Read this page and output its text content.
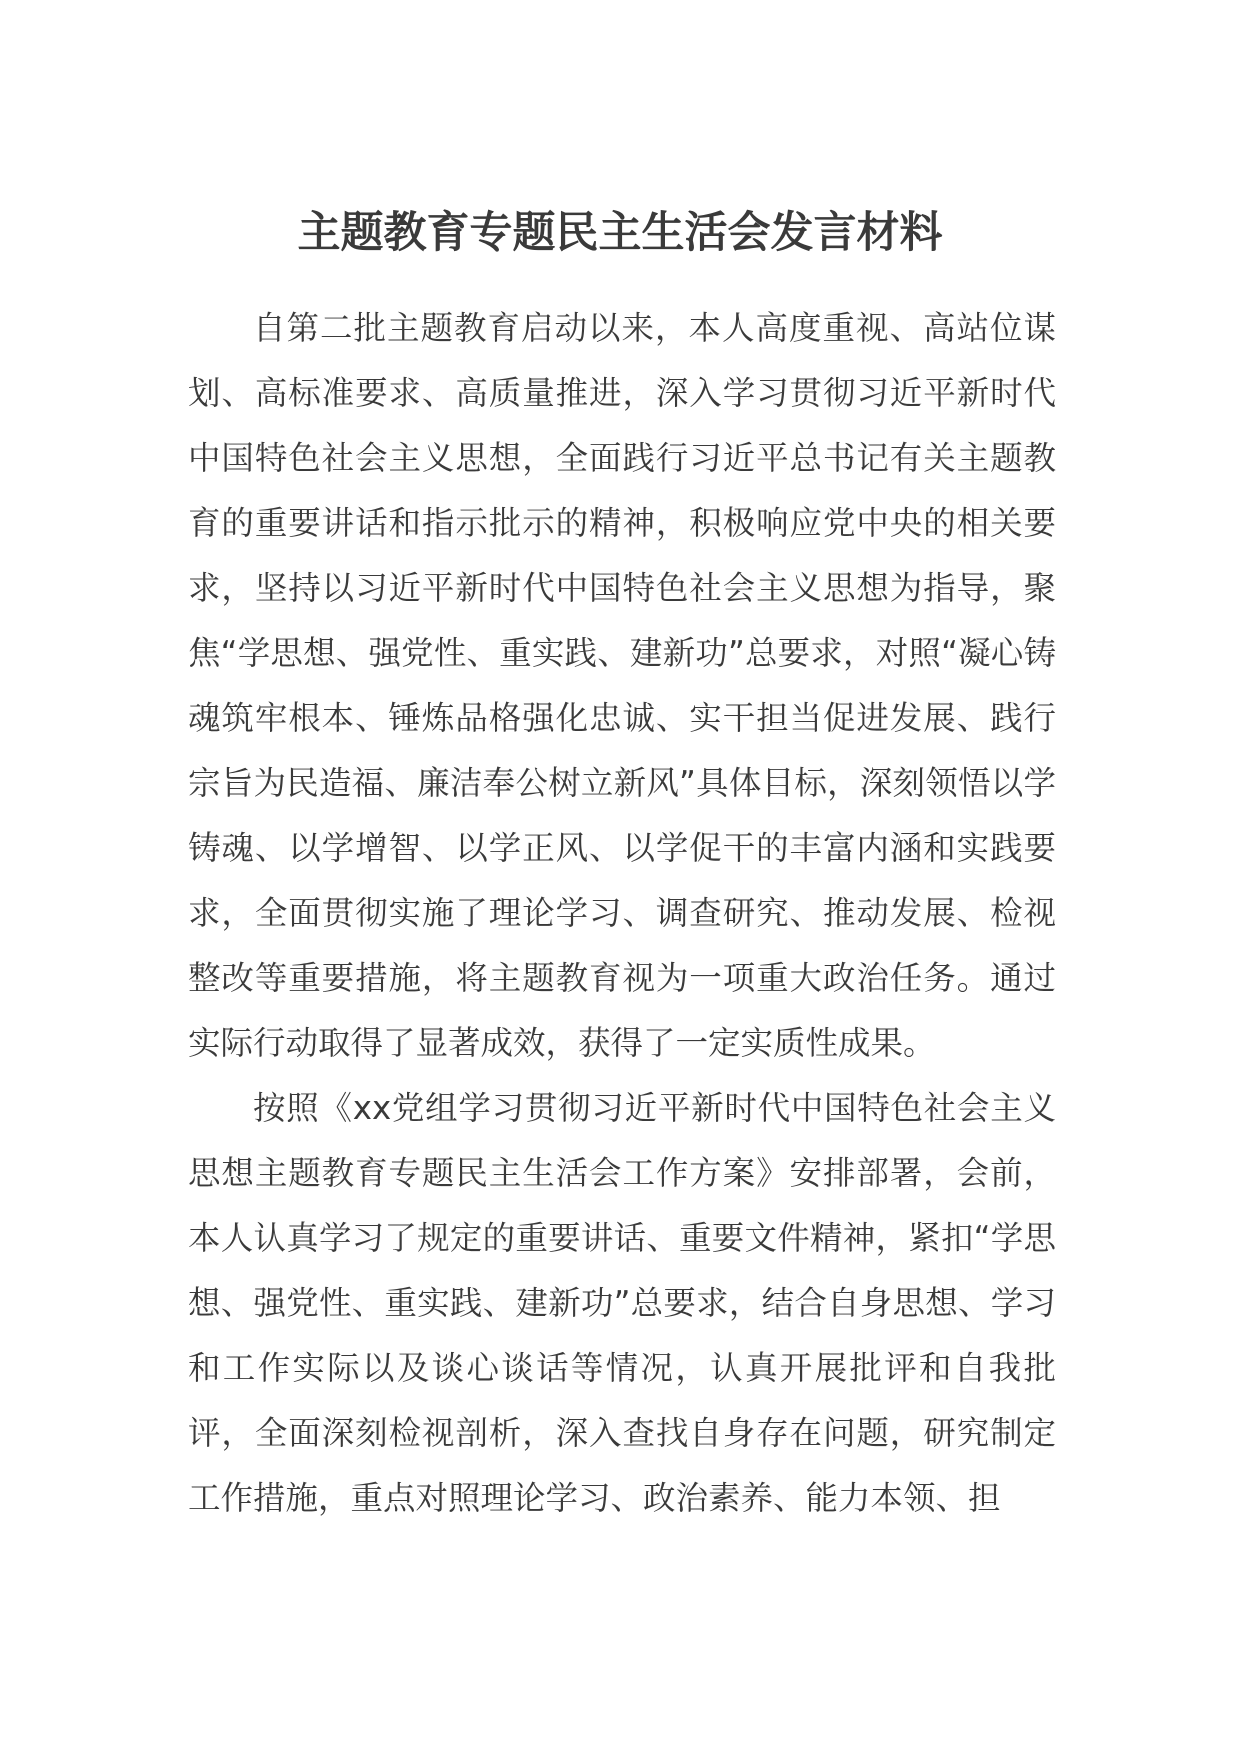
主题教育专题民主生活会发言材料

自第二批主题教育启动以来，本人高度重视、高站位谋划、高标准要求、高质量推进，深入学习贯彻习近平新时代中国特色社会主义思想，全面践行习近平总书记有关主题教育的重要讲话和指示批示的精神，积极响应党中央的相关要求，坚持以习近平新时代中国特色社会主义思想为指导，聚焦“学思想、强党性、重实践、建新功”总要求，对照“凝心铸魂筑牢根本、锤炼品格强化忠诚、实干担当促进发展、践行宗旨为民造福、廉洁奉公树立新风”具体目标，深刻领悟以学铸魂、以学增智、以学正风、以学促干的丰富内涵和实践要求，全面贯彻实施了理论学习、调查研究、推动发展、检视整改等重要措施，将主题教育视为一项重大政治任务。通过实际行动取得了显著成效，获得了一定实质性成果。

按照《xx党组学习贯彻习近平新时代中国特色社会主义思想主题教育专题民主生活会工作方案》安排部署，会前，本人认真学习了规定的重要讲话、重要文件精神，紧扣“学思想、强党性、重实践、建新功”总要求，结合自身思想、学习和工作实际以及谈心谈话等情况，认真开展批评和自我批评，全面深刻检视剖析，深入查找自身存在问题，研究制定工作措施，重点对照理论学习、政治素养、能力本领、担
